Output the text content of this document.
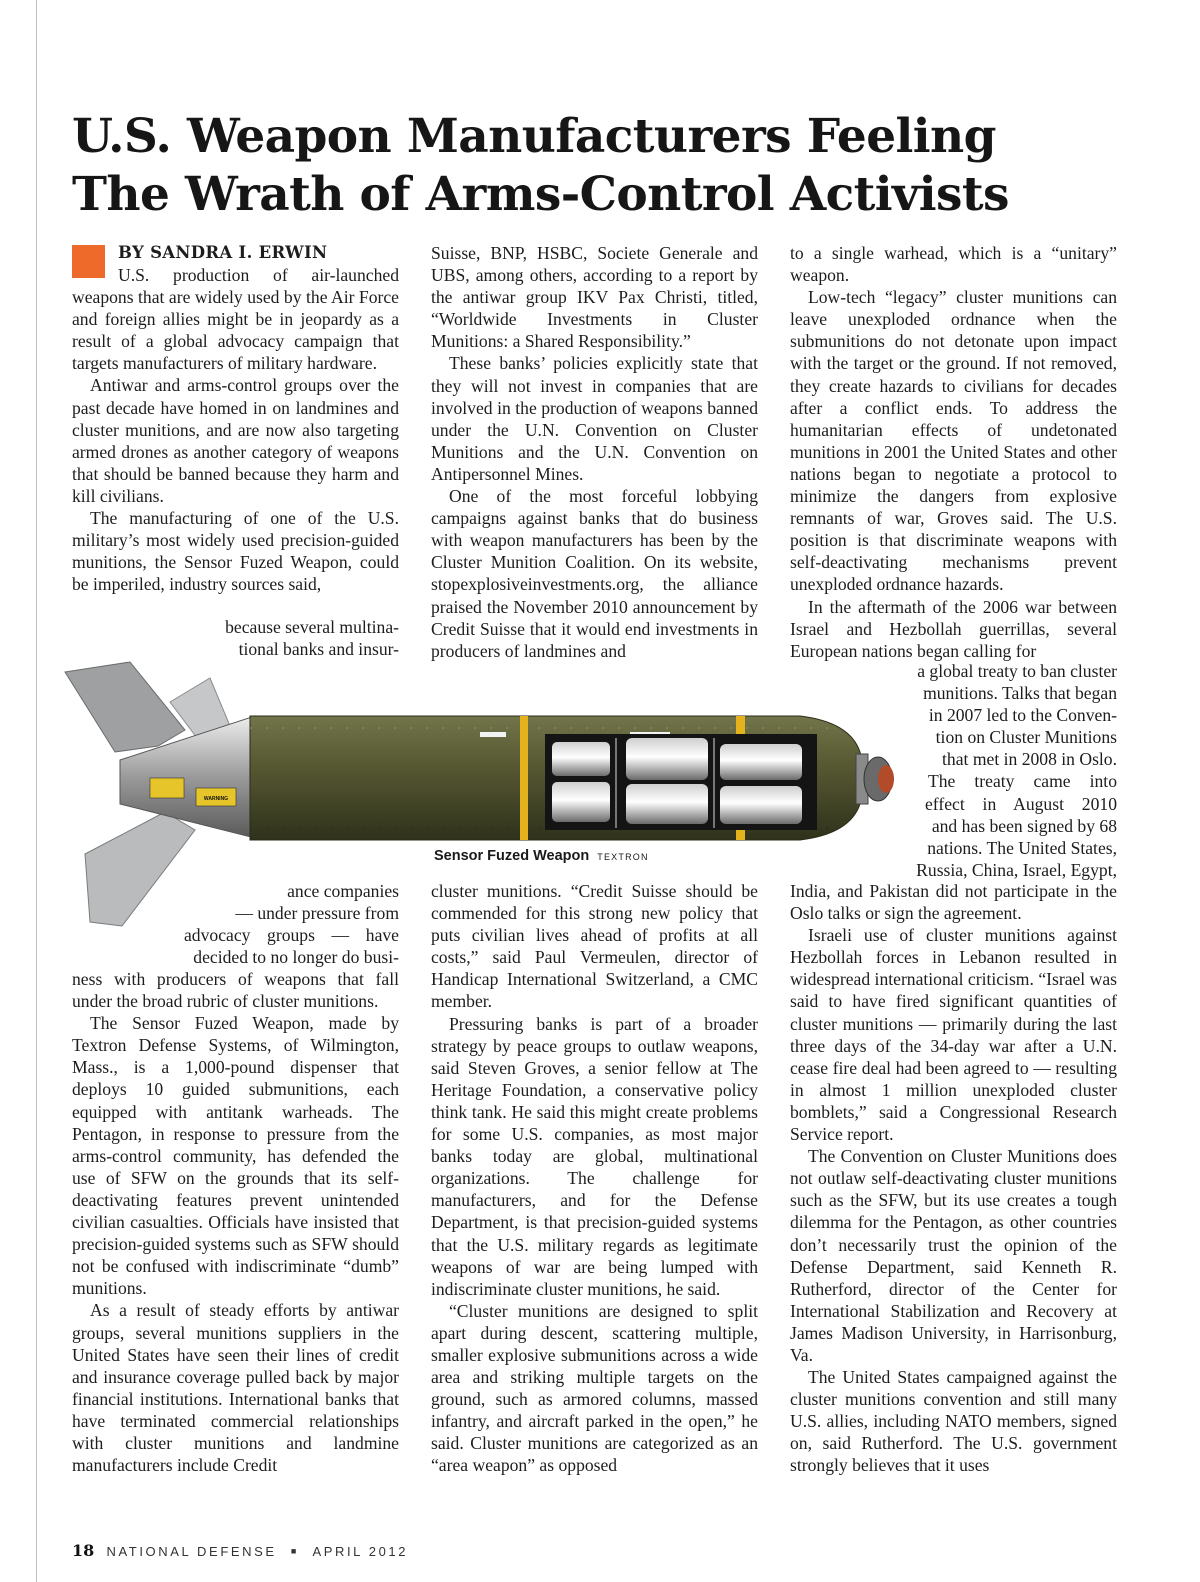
U.S. Weapon Manufacturers Feeling
The Wrath of Arms-Control Activists
BY SANDRA I. ERWIN

U.S. production of air-launched weapons that are widely used by the Air Force and foreign allies might be in jeopardy as a result of a global advocacy campaign that targets manufacturers of military hardware.

Antiwar and arms-control groups over the past decade have homed in on landmines and cluster munitions, and are now also targeting armed drones as another category of weapons that should be banned because they harm and kill civilians.

The manufacturing of one of the U.S. military’s most widely used precision-guided munitions, the Sensor Fuzed Weapon, could be imperiled, industry sources said,

because several multina-
tional banks and insur-
ance companies
— under pressure from
advocacy groups — have
decided to no longer do busi-

ness with producers of weapons that fall under the broad rubric of cluster munitions.

The Sensor Fuzed Weapon, made by Textron Defense Systems, of Wilmington, Mass., is a 1,000-pound dispenser that deploys 10 guided submunitions, each equipped with antitank warheads. The Pentagon, in response to pressure from the arms-control community, has defended the use of SFW on the grounds that its self-deactivating features prevent unintended civilian casualties. Officials have insisted that precision-guided systems such as SFW should not be confused with indiscriminate “dumb” munitions.

As a result of steady efforts by antiwar groups, several munitions suppliers in the United States have seen their lines of credit and insurance coverage pulled back by major financial institutions. International banks that have terminated commercial relationships with cluster munitions and landmine manufacturers include Credit

Suisse, BNP, HSBC, Societe Generale and UBS, among others, according to a report by the antiwar group IKV Pax Christi, titled, “Worldwide Investments in Cluster Munitions: a Shared Responsibility.”

These banks’ policies explicitly state that they will not invest in companies that are involved in the production of weapons banned under the U.N. Convention on Cluster Munitions and the U.N. Convention on Antipersonnel Mines.

One of the most forceful lobbying campaigns against banks that do business with weapon manufacturers has been by the Cluster Munition Coalition. On its website, stopexplosiveinvestments.org, the alliance praised the November 2010 announcement by Credit Suisse that it would end investments in producers of landmines and

cluster munitions. “Credit Suisse should be commended for this strong new policy that puts civilian lives ahead of profits at all costs,” said Paul Vermeulen, director of Handicap International Switzerland, a CMC member.

Pressuring banks is part of a broader strategy by peace groups to outlaw weapons, said Steven Groves, a senior fellow at The Heritage Foundation, a conservative policy think tank. He said this might create problems for some U.S. companies, as most major banks today are global, multinational organizations. The challenge for manufacturers, and for the Defense Department, is that precision-guided systems that the U.S. military regards as legitimate weapons of war are being lumped with indiscriminate cluster munitions, he said.

“Cluster munitions are designed to split apart during descent, scattering multiple, smaller explosive submunitions across a wide area and striking multiple targets on the ground, such as armored columns, massed infantry, and aircraft parked in the open,” he said. Cluster munitions are categorized as an “area weapon” as opposed

to a single warhead, which is a “unitary” weapon.

Low-tech “legacy” cluster munitions can leave unexploded ordnance when the submunitions do not detonate upon impact with the target or the ground. If not removed, they create hazards to civilians for decades after a conflict ends. To address the humanitarian effects of undetonated munitions in 2001 the United States and other nations began to negotiate a protocol to minimize the dangers from explosive remnants of war, Groves said. The U.S. position is that discriminate weapons with self-deactivating mechanisms prevent unexploded ordnance hazards.

In the aftermath of the 2006 war between Israel and Hezbollah guerrillas, several European nations began calling for

a global treaty to ban cluster
munitions. Talks that began
in 2007 led to the Conven-
tion on Cluster Munitions
that met in 2008 in Oslo.
The treaty came into
effect in August 2010
and has been signed by 68
nations. The United States,
Russia, China, Israel, Egypt,

India, and Pakistan did not participate in the Oslo talks or sign the agreement.

Israeli use of cluster munitions against Hezbollah forces in Lebanon resulted in widespread international criticism. “Israel was said to have fired significant quantities of cluster munitions — primarily during the last three days of the 34-day war after a U.N. cease fire deal had been agreed to — resulting in almost 1 million unexploded cluster bomblets,” said a Congressional Research Service report.

The Convention on Cluster Munitions does not outlaw self-deactivating cluster munitions such as the SFW, but its use creates a tough dilemma for the Pentagon, as other countries don’t necessarily trust the opinion of the Defense Department, said Kenneth R. Rutherford, director of the Center for International Stabilization and Recovery at James Madison University, in Harrisonburg, Va.

The United States campaigned against the cluster munitions convention and still many U.S. allies, including NATO members, signed on, said Rutherford. The U.S. government strongly believes that it uses

WARNING
Sensor Fuzed Weapon TEXTRON
18 NATIONAL DEFENSE ■ APRIL 2012
